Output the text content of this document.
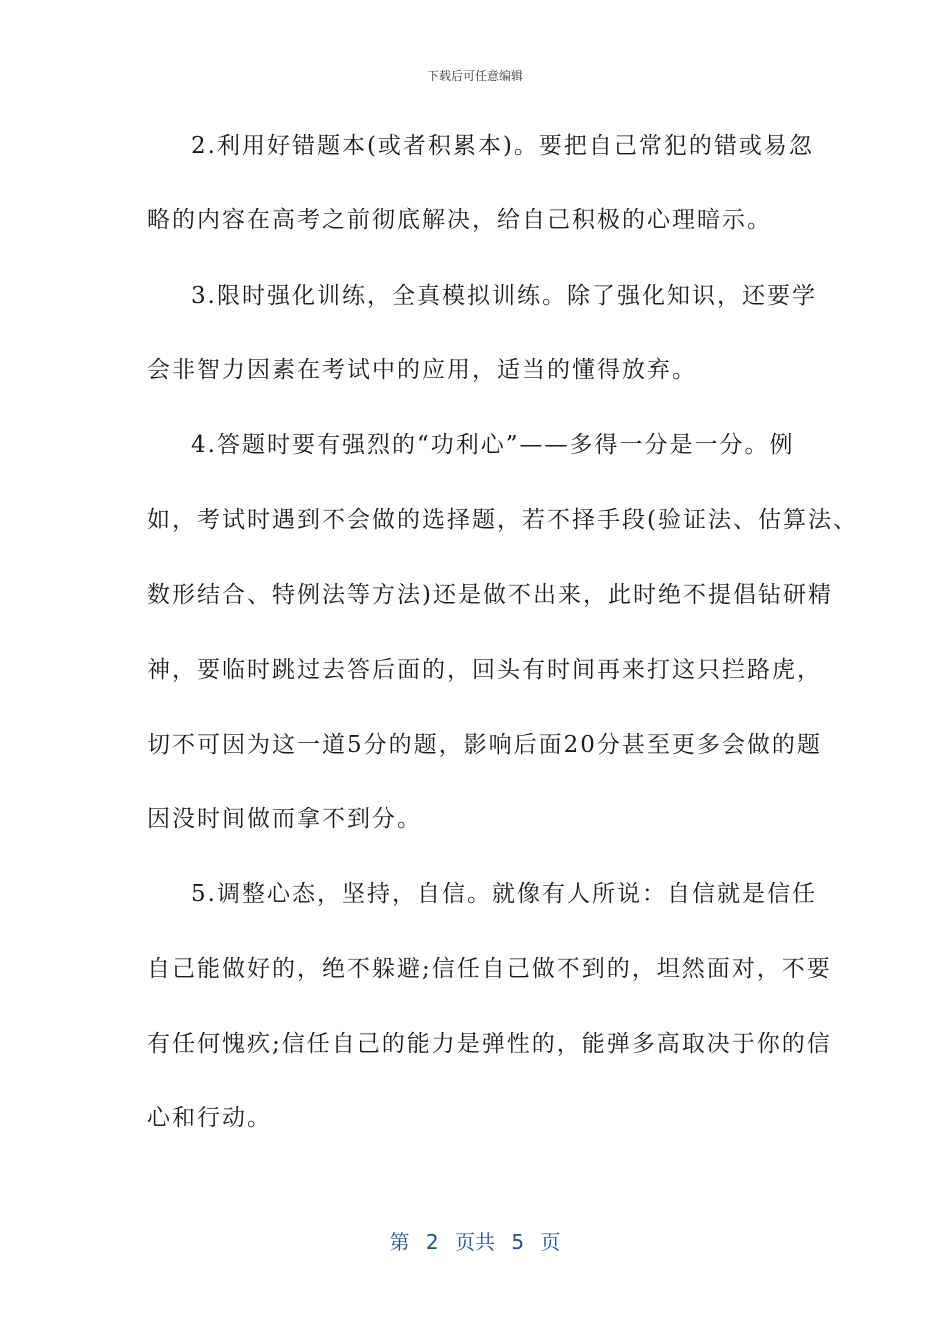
下载后可任意编辑
2.利用好错题本(或者积累本)。要把自己常犯的错或易忽
略的内容在高考之前彻底解决，给自己积极的心理暗示。
3.限时强化训练，全真模拟训练。除了强化知识，还要学
会非智力因素在考试中的应用，适当的懂得放弃。
4.答题时要有强烈的“功利心”——多得一分是一分。例
如，考试时遇到不会做的选择题，若不择手段(验证法、估算法、
数形结合、特例法等方法)还是做不出来，此时绝不提倡钻研精
神，要临时跳过去答后面的，回头有时间再来打这只拦路虎，
切不可因为这一道5分的题，影响后面20分甚至更多会做的题
因没时间做而拿不到分。
5.调整心态，坚持，自信。就像有人所说：自信就是信任
自己能做好的，绝不躲避;信任自己做不到的，坦然面对，不要
有任何愧疚;信任自己的能力是弹性的，能弹多高取决于你的信
心和行动。
第 2 页共 5 页
